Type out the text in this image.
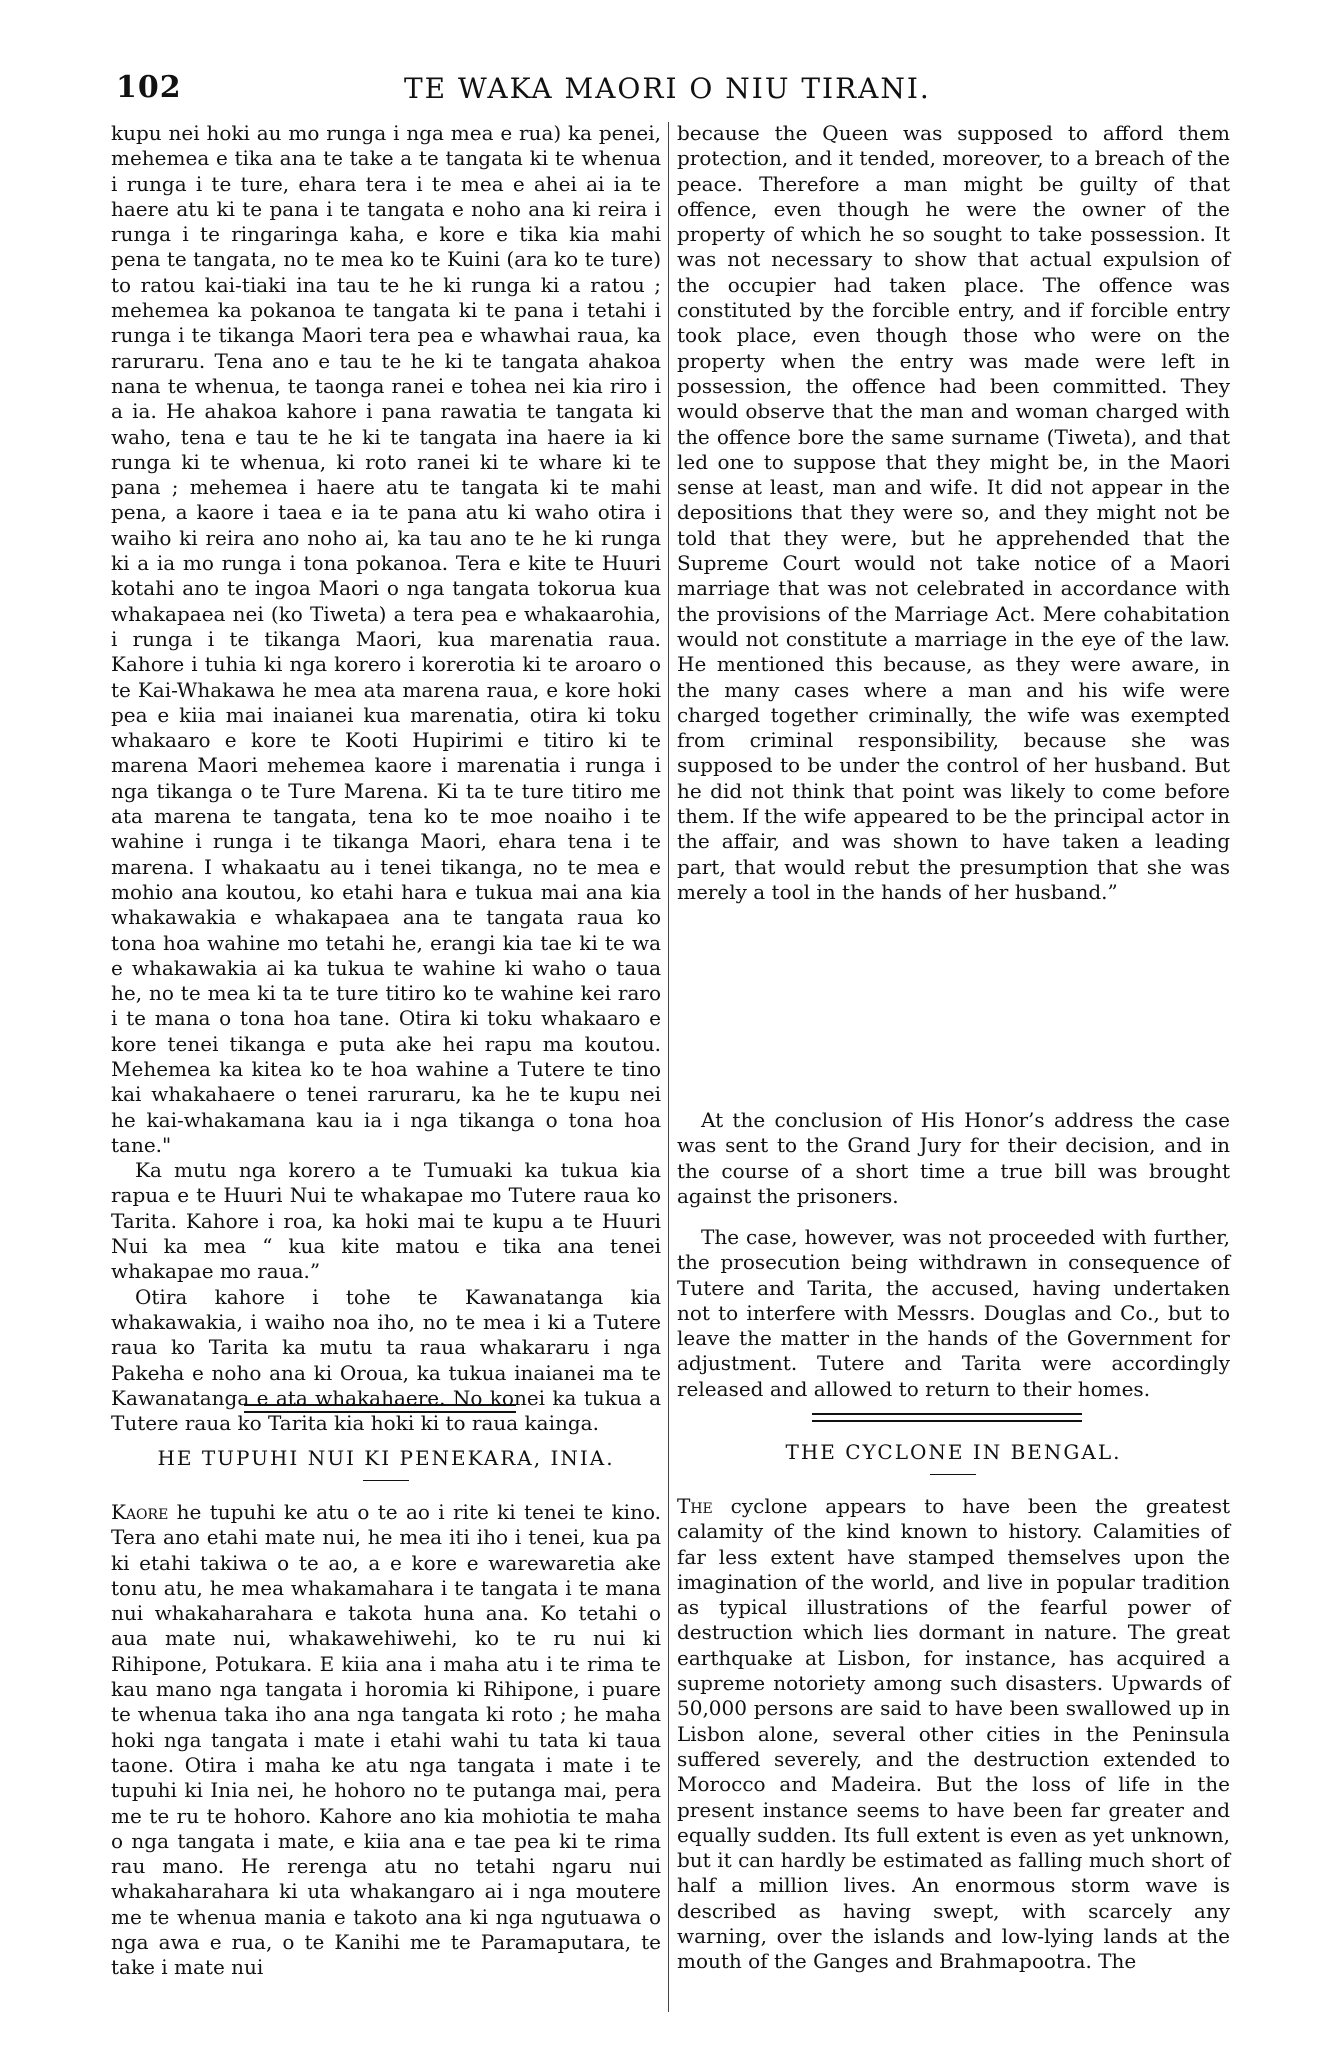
102	TE WAKA MAORI O NIU TIRANI.

kupu nei hoki au mo runga i nga mea e rua) ka penei, mehemea e tika ana te take a te tangata ki te whenua i runga i te ture, ehara tera i te mea e ahei ai ia te haere atu ki te pana i te tangata e noho ana ki reira i runga i te ringaringa kaha, e kore e tika kia mahi pena te tangata, no te mea ko te Kuini (ara ko te ture) to ratou kai-tiaki ina tau te he ki runga ki a ratou ; mehemea ka pokanoa te tangata ki te pana i tetahi i runga i te tikanga Maori tera pea e whawhai raua, ka raruraru. Tena ano e tau te he ki te tangata ahakoa nana te whenua, te taonga ranei e tohea nei kia riro i a ia. He ahakoa kahore i pana rawatia te tangata ki waho, tena e tau te he ki te tangata ina haere ia ki runga ki te whenua, ki roto ranei ki te whare ki te pana ; mehemea i haere atu te tangata ki te mahi pena, a kaore i taea e ia te pana atu ki waho otira i waiho ki reira ano noho ai, ka tau ano te he ki runga ki a ia mo runga i tona pokanoa. Tera e kite te Huuri kotahi ano te ingoa Maori o nga tangata tokorua kua whakapaea nei (ko Tiweta) a tera pea e whakaarohia, i runga i te tikanga Maori, kua marenatia raua. Kahore i tuhia ki nga korero i korerotia ki te aroaro o te Kai-Whakawa he mea ata marena raua, e kore hoki pea e kiia mai inaianei kua marenatia, otira ki toku whakaaro e kore te Kooti Hupirimi e titiro ki te marena Maori mehemea kaore i marenatia i runga i nga tikanga o te Ture Marena. Ki ta te ture titiro me ata marena te tangata, tena ko te moe noaiho i te wahine i runga i te tikanga Maori, ehara tena i te marena. I whakaatu au i tenei tikanga, no te mea e mohio ana koutou, ko etahi hara e tukua mai ana kia whakawakia e whakapaea ana te tangata raua ko tona hoa wahine mo tetahi he, erangi kia tae ki te wa e whakawakia ai ka tukua te wahine ki waho o taua he, no te mea ki ta te ture titiro ko te wahine kei raro i te mana o tona hoa tane. Otira ki toku whakaaro e kore tenei tikanga e puta ake hei rapu ma koutou. Mehemea ka kitea ko te hoa wahine a Tutere te tino kai whakahaere o tenei raruraru, ka he te kupu nei he kai-whakamana kau ia i nga tikanga o tona hoa tane."

Ka mutu nga korero a te Tumuaki ka tukua kia rapua e te Huuri Nui te whakapae mo Tutere raua ko Tarita. Kahore i roa, ka hoki mai te kupu a te Huuri Nui ka mea “ kua kite matou e tika ana tenei whakapae mo raua.”

Otira kahore i tohe te Kawanatanga kia whakawakia, i waiho noa iho, no te mea i ki a Tutere raua ko Tarita ka mutu ta raua whakararu i nga Pakeha e noho ana ki Oroua, ka tukua inaianei ma te Kawanatanga e ata whakahaere. No konei ka tukua a Tutere raua ko Tarita kia hoki ki to raua kainga.

because the Queen was supposed to afford them protection, and it tended, moreover, to a breach of the peace. Therefore a man might be guilty of that offence, even though he were the owner of the property of which he so sought to take possession. It was not necessary to show that actual expulsion of the occupier had taken place. The offence was constituted by the forcible entry, and if forcible entry took place, even though those who were on the property when the entry was made were left in possession, the offence had been committed. They would observe that the man and woman charged with the offence bore the same surname (Tiweta), and that led one to suppose that they might be, in the Maori sense at least, man and wife. It did not appear in the depositions that they were so, and they might not be told that they were, but he apprehended that the Supreme Court would not take notice of a Maori marriage that was not celebrated in accordance with the provisions of the Marriage Act. Mere cohabitation would not constitute a marriage in the eye of the law. He mentioned this because, as they were aware, in the many cases where a man and his wife were charged together criminally, the wife was exempted from criminal responsibility, because she was supposed to be under the control of her husband. But he did not think that point was likely to come before them. If the wife appeared to be the principal actor in the affair, and was shown to have taken a leading part, that would rebut the presumption that she was merely a tool in the hands of her husband.”

At the conclusion of His Honor’s address the case was sent to the Grand Jury for their decision, and in the course of a short time a true bill was brought against the prisoners.

The case, however, was not proceeded with further, the prosecution being withdrawn in consequence of Tutere and Tarita, the accused, having undertaken not to interfere with Messrs. Douglas and Co., but to leave the matter in the hands of the Government for adjustment. Tutere and Tarita were accordingly released and allowed to return to their homes.

HE TUPUHI NUI KI PENEKARA, INIA.	THE CYCLONE IN BENGAL.

Kaore he tupuhi ke atu o te ao i rite ki tenei te kino. Tera ano etahi mate nui, he mea iti iho i tenei, kua pa ki etahi takiwa o te ao, a e kore e warewaretia ake tonu atu, he mea whakamahara i te tangata i te mana nui whakaharahara e takota huna ana. Ko tetahi o aua mate nui, whakawehiwehi, ko te ru nui ki Rihipone, Potukara. E kiia ana i maha atu i te rima te kau mano nga tangata i horomia ki Rihipone, i puare te whenua taka iho ana nga tangata ki roto ; he maha hoki nga tangata i mate i etahi wahi tu tata ki taua taone. Otira i maha ke atu nga tangata i mate i te tupuhi ki Inia nei, he hohoro no te putanga mai, pera me te ru te hohoro. Kahore ano kia mohiotia te maha o nga tangata i mate, e kiia ana e tae pea ki te rima rau mano. He rerenga atu no tetahi ngaru nui whakaharahara ki uta whakangaro ai i nga moutere me te whenua mania e takoto ana ki nga ngutuawa o nga awa e rua, o te Kanihi me te Paramaputara, te take i mate nui

The cyclone appears to have been the greatest calamity of the kind known to history. Calamities of far less extent have stamped themselves upon the imagination of the world, and live in popular tradition as typical illustrations of the fearful power of destruction which lies dormant in nature. The great earthquake at Lisbon, for instance, has acquired a supreme notoriety among such disasters. Upwards of 50,000 persons are said to have been swallowed up in Lisbon alone, several other cities in the Peninsula suffered severely, and the destruction extended to Morocco and Madeira. But the loss of life in the present instance seems to have been far greater and equally sudden. Its full extent is even as yet unknown, but it can hardly be estimated as falling much short of half a million lives. An enormous storm wave is described as having swept, with scarcely any warning, over the islands and low-lying lands at the mouth of the Ganges and Brahmapootra. The
